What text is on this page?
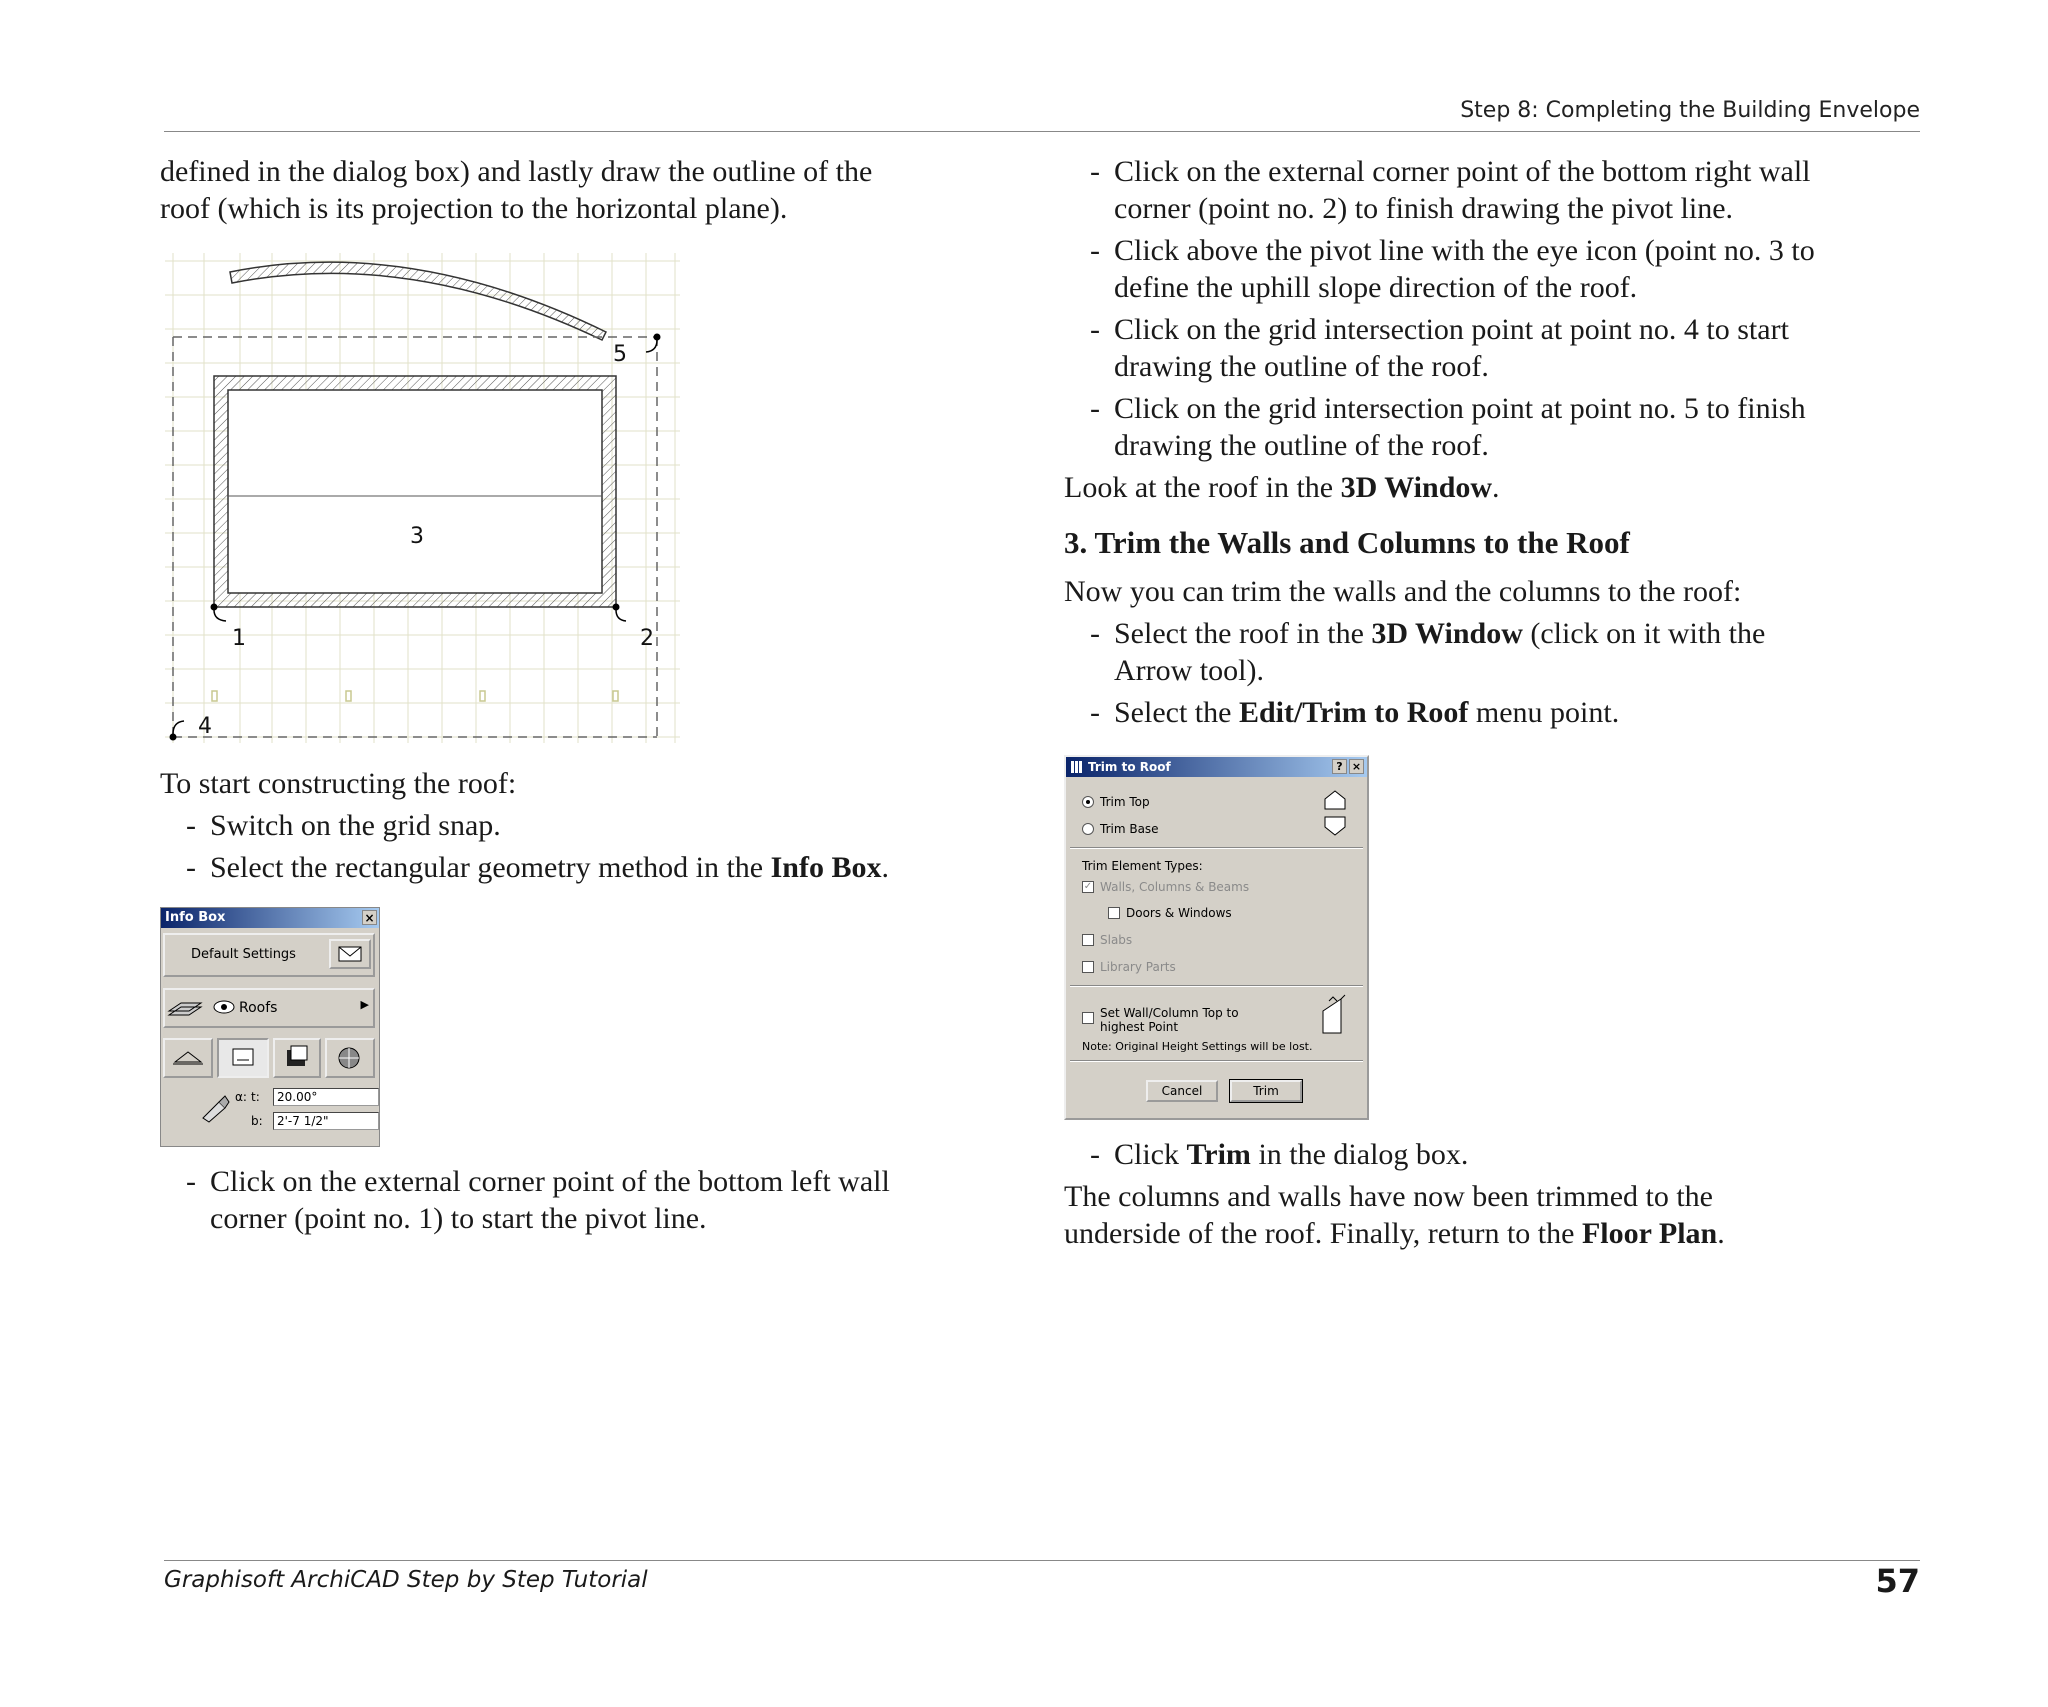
Step 8: Completing the Building Envelope

defined in the dialog box) and lastly draw the outline of the

roof (which is its projection to the horizontal plane).

1	2
3
4
5

To start constructing the roof:

- Switch on the grid snap.

- Select the rectangular geometry method in the Info Box.

Info Box	×
Default Settings
Roofs	▶
α: t:	20.00°
b:	2'-7 1/2"

- Click on the external corner point of the bottom left wall
corner (point no. 1) to start the pivot line.

- Click on the external corner point of the bottom right wall
corner (point no. 2) to finish drawing the pivot line.

- Click above the pivot line with the eye icon (point no. 3 to
define the uphill slope direction of the roof.

- Click on the grid intersection point at point no. 4 to start
drawing the outline of the roof.

- Click on the grid intersection point at point no. 5 to finish
drawing the outline of the roof.

Look at the roof in the 3D Window.

3. Trim the Walls and Columns to the Roof

Now you can trim the walls and the columns to the roof:

- Select the roof in the 3D Window (click on it with the
Arrow tool).

- Select the Edit/Trim to Roof menu point.

Trim to Roof	? ×
Trim Top
Trim Base
Trim Element Types:
✓ Walls, Columns & Beams
Doors & Windows
Slabs
Library Parts
Set Wall/Column Top to
highest Point
Note: Original Height Settings will be lost.
Cancel	Trim

- Click Trim in the dialog box.

The columns and walls have now been trimmed to the
underside of the roof. Finally, return to the Floor Plan.

Graphisoft ArchiCAD Step by Step Tutorial	57
